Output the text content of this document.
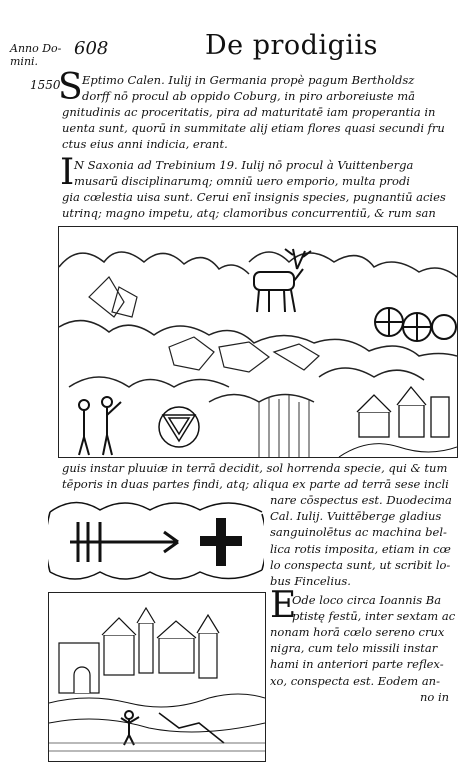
Anno Do-
mini.
608	De prodigiis
1550
S Eptimo Calen. Iulij in Germania propè pagum Bertholdsz
dorff nō procul ab oppido Coburg, in piro arboreiuste mā
gnitudinis ac proceritatis, pira ad maturitatē iam properantia in
uenta sunt, quorū in summitate alij etiam flores quasi secundi fru
ctus eius anni indicia, erant.
I N Saxonia ad Trebinium 19. Iulij nō procul à Vuittenberga
musarū disciplinarumq; omniū uero emporio, multa prodi
gia cœlestia uisa sunt. Cerui enī insignis species, pugnantiū acies
utrinq; magno impetu, atq; clamoribus concurrentiū, & rum san
guis instar pluuiæ in terrā decidit, sol horrenda specie, qui & tum
tēporis in duas partes findi, atq; aliqua ex parte ad terrā sese incli
nare cōspectus est. Duodecima
Cal. Iulij. Vuittēberge gladius
sanguinolētus ac machina bel-
lica rotis imposita, etiam in cœ
lo conspecta sunt, ut scribit lo-
bus Fincelius.
E
Ode loco circa Ioannis Ba
ptistę festū, inter sextam ac
nonam horā cœlo sereno crux
nigra, cum telo missili instar
hami in anteriori parte reflex-
xo, conspecta est. Eodem an-
no in
